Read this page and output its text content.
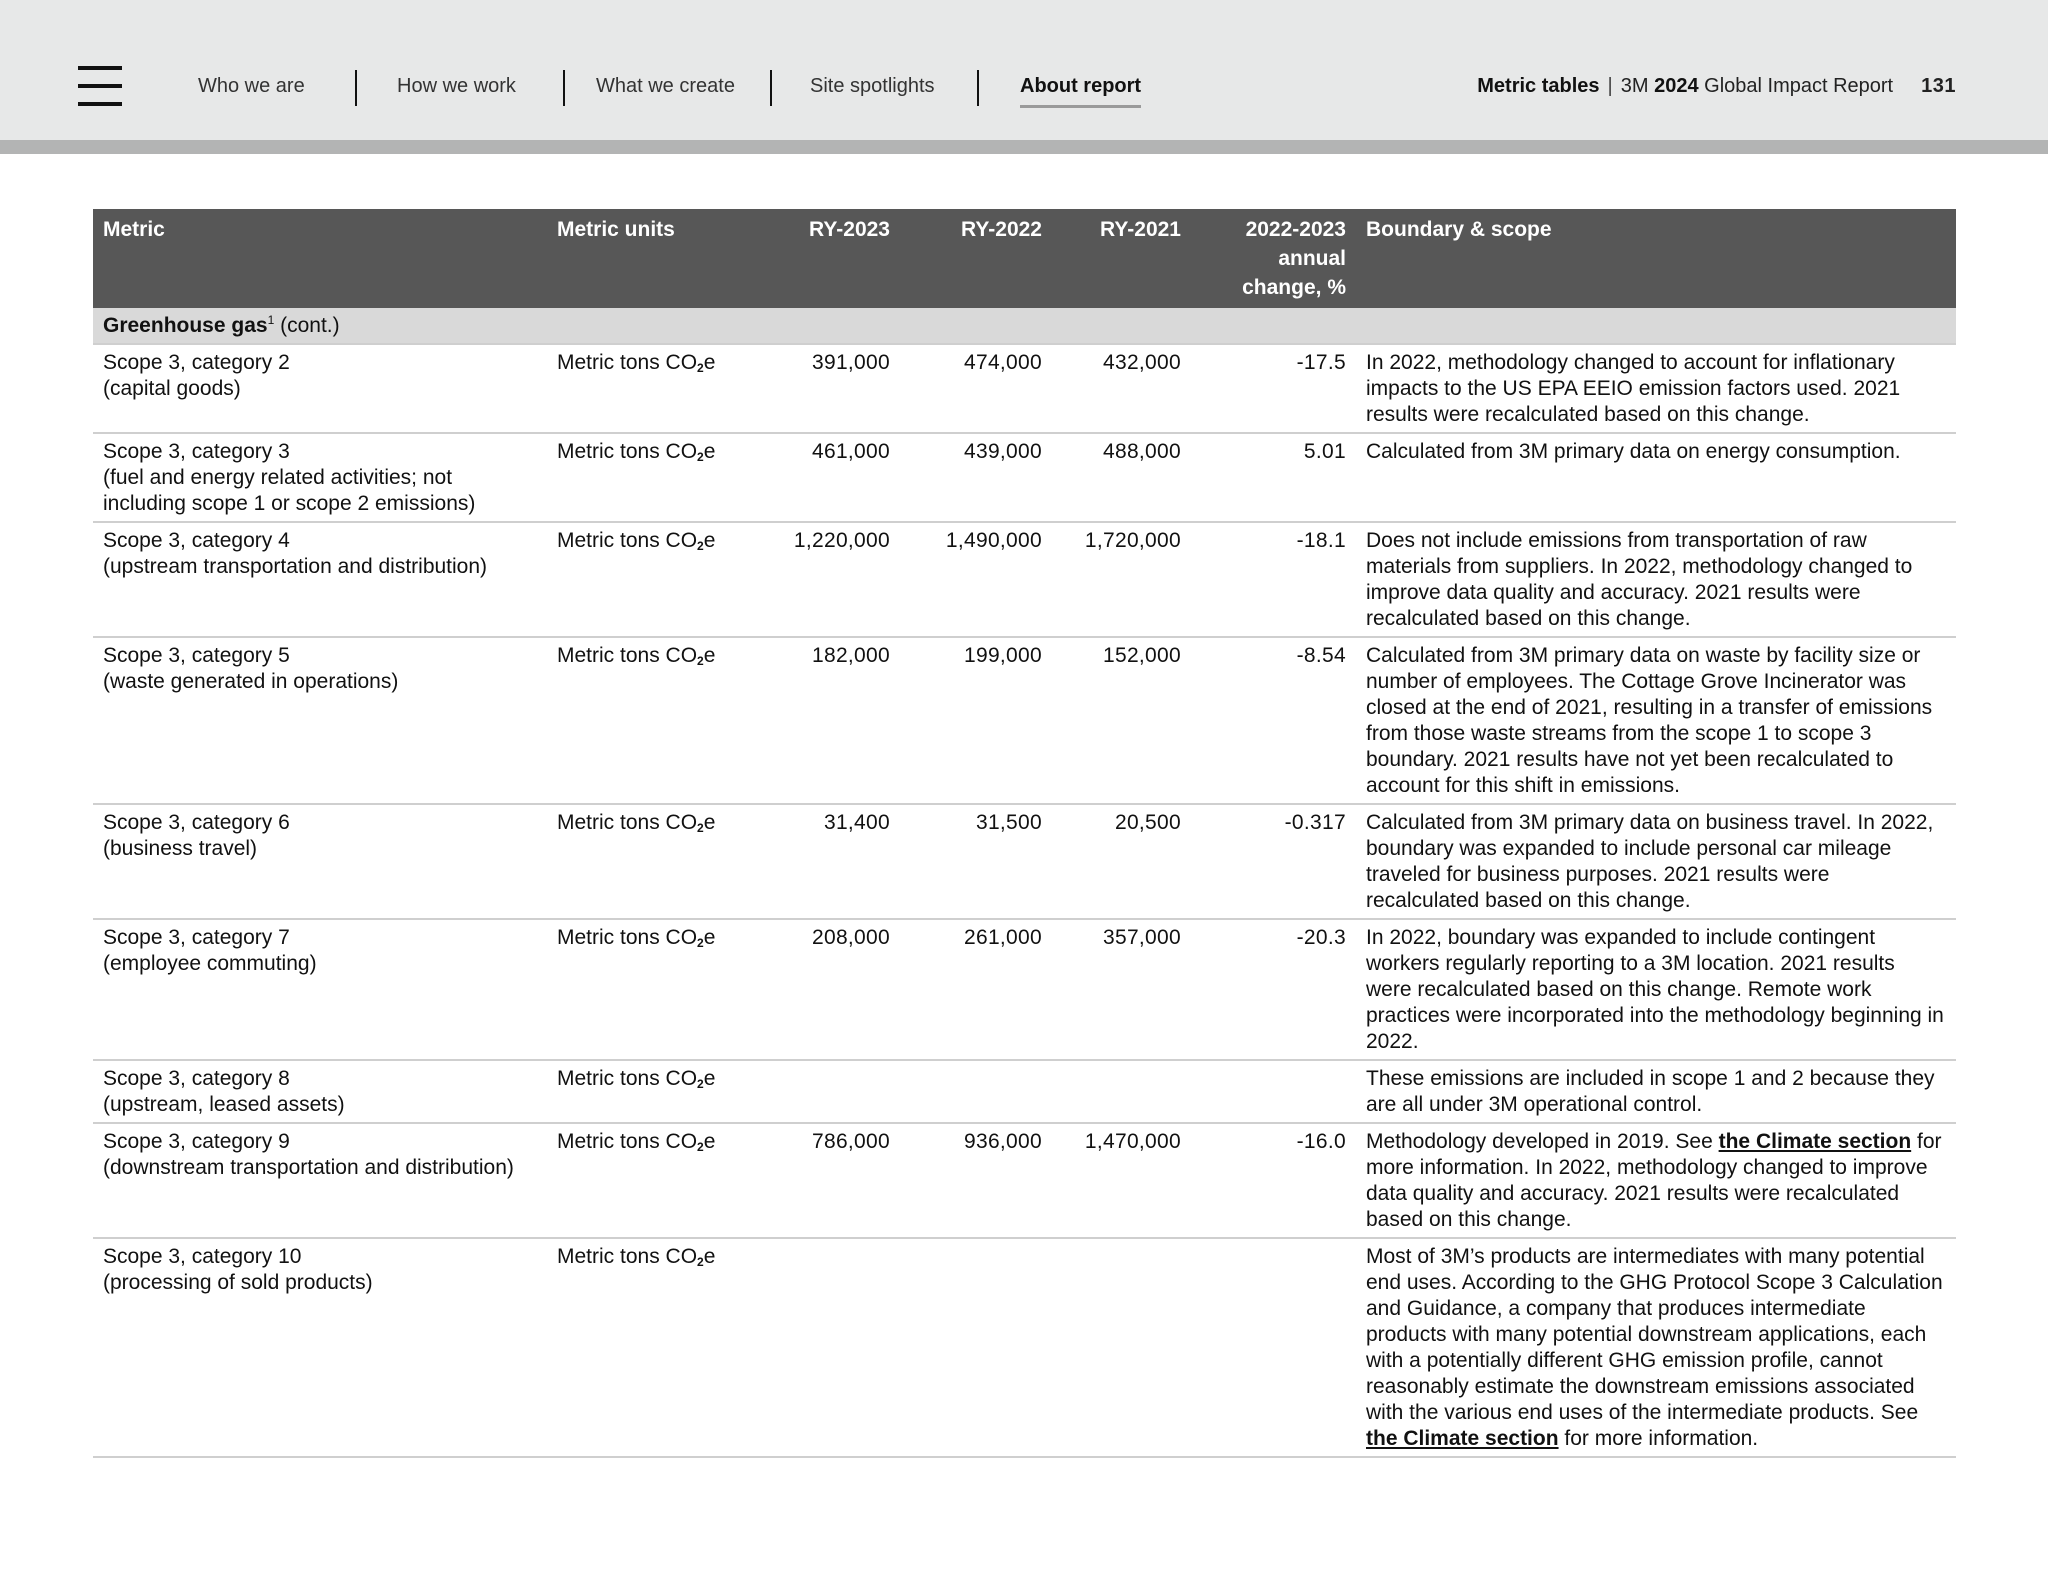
Who we are	How we work	What we create	Site spotlights	About report	Metric tables | 3M 2024 Global Impact Report 131
Metric	Metric units	RY-2023	RY-2022	RY-2021	2022-2023 annual change, %	Boundary & scope
Greenhouse gas$^1$ (cont.)						

Scope 3, category 2
(capital goods)	Metric tons $CO_2e$	391,000	474,000	432,000	-17.5	In 2022, methodology changed to account for inflationary impacts to the US EPA EEIO emission factors used. 2021 results were recalculated based on this change.

Scope 3, category 3
(fuel and energy related activities; not including scope 1 or scope 2 emissions)	Metric tons $CO_2e$	461,000	439,000	488,000	5.01	Calculated from 3M primary data on energy consumption.

Scope 3, category 4
(upstream transportation and distribution)	Metric tons $CO_2e$	1,220,000	1,490,000	1,720,000	-18.1	Does not include emissions from transportation of raw materials from suppliers. In 2022, methodology changed to improve data quality and accuracy. 2021 results were recalculated based on this change.

Scope 3, category 5
(waste generated in operations)	Metric tons $CO_2e$	182,000	199,000	152,000	-8.54	Calculated from 3M primary data on waste by facility size or number of employees. The Cottage Grove Incinerator was closed at the end of 2021, resulting in a transfer of emissions from those waste streams from the scope 1 to scope 3 boundary. 2021 results have not yet been recalculated to account for this shift in emissions.

Scope 3, category 6
(business travel)	Metric tons $CO_2e$	31,400	31,500	20,500	-0.317	Calculated from 3M primary data on business travel. In 2022, boundary was expanded to include personal car mileage traveled for business purposes. 2021 results were recalculated based on this change.

Scope 3, category 7
(employee commuting)	Metric tons $CO_2e$	208,000	261,000	357,000	-20.3	In 2022, boundary was expanded to include contingent workers regularly reporting to a 3M location. 2021 results were recalculated based on this change. Remote work practices were incorporated into the methodology beginning in 2022.

Scope 3, category 8
(upstream, leased assets)	Metric tons $CO_2e$					These emissions are included in scope 1 and 2 because they are all under 3M operational control.

Scope 3, category 9
(downstream transportation and distribution)	Metric tons $CO_2e$	786,000	936,000	1,470,000	-16.0	Methodology developed in 2019. See the Climate section for more information. In 2022, methodology changed to improve data quality and accuracy. 2021 results were recalculated based on this change.

Scope 3, category 10
(processing of sold products)	Metric tons $CO_2e$					Most of 3M’s products are intermediates with many potential end uses. According to the GHG Protocol Scope 3 Calculation and Guidance, a company that produces intermediate products with many potential downstream applications, each with a potentially different GHG emission profile, cannot reasonably estimate the downstream emissions associated with the various end uses of the intermediate products. See the Climate section for more information.
